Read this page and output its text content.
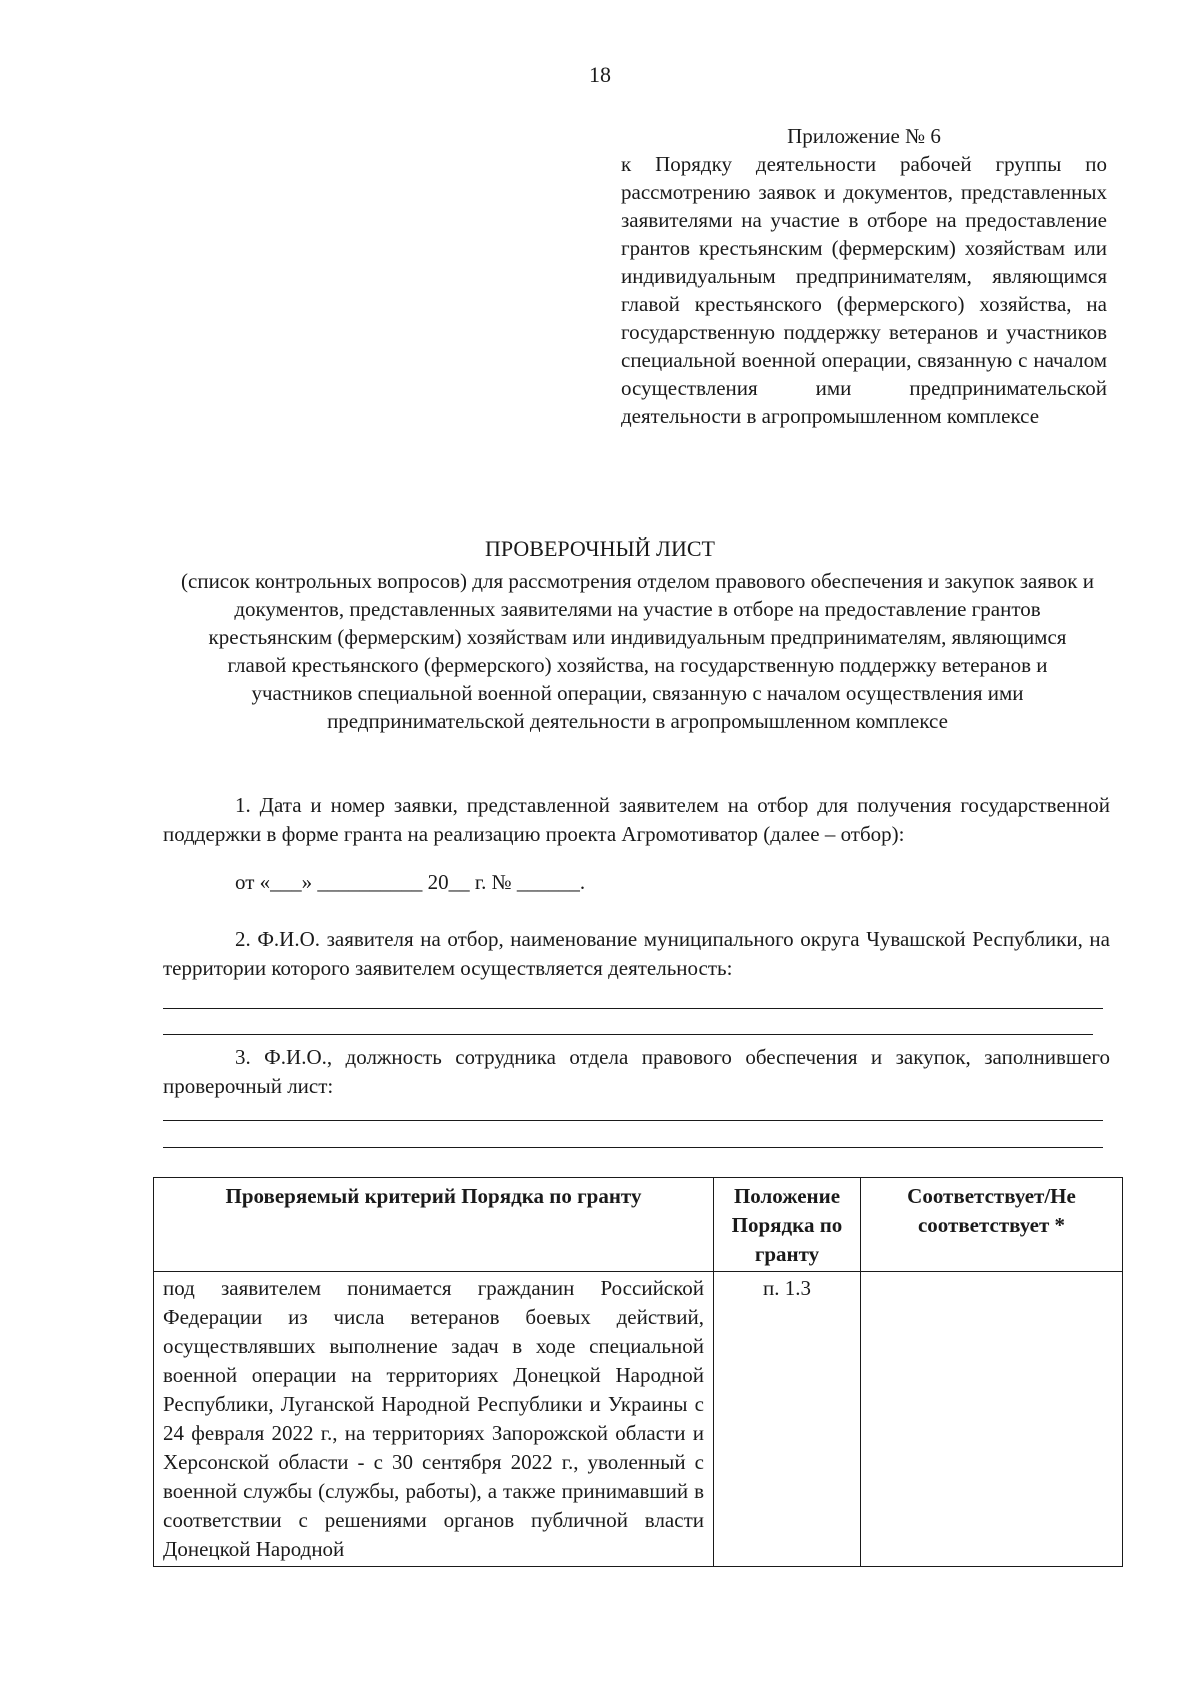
18
Приложение № 6
к Порядку деятельности рабочей группы по рассмотрению заявок и документов, представленных заявителями на участие в отборе на предоставление грантов крестьянским (фермерским) хозяйствам или индивидуальным предпринимателям, являющимся главой крестьянского (фермерского) хозяйства, на государственную поддержку ветеранов и участников специальной военной операции, связанную с началом осуществления ими предпринимательской деятельности в агропромышленном комплексе
ПРОВЕРОЧНЫЙ ЛИСТ
(список контрольных вопросов) для рассмотрения отделом правового обеспечения и закупок заявок и документов, представленных заявителями на участие в отборе на предоставление грантов крестьянским (фермерским) хозяйствам или индивидуальным предпринимателям, являющимся главой крестьянского (фермерского) хозяйства, на государственную поддержку ветеранов и участников специальной военной операции, связанную с началом осуществления ими предпринимательской деятельности в агропромышленном комплексе
1. Дата и номер заявки, представленной заявителем на отбор для получения государственной поддержки в форме гранта на реализацию проекта Агромотиватор (далее – отбор):
от «___» __________ 20__ г. № ______.
2. Ф.И.О. заявителя на отбор, наименование муниципального округа Чувашской Республики, на территории которого заявителем осуществляется деятельность:
3. Ф.И.О., должность сотрудника отдела правового обеспечения и закупок, заполнившего проверочный лист:
Проверяемый критерий Порядка по гранту	Положение Порядка по гранту	Соответствует/Не соответствует *
под заявителем понимается гражданин Российской Федерации из числа ветеранов боевых действий, осуществлявших выполнение задач в ходе специальной военной операции на территориях Донецкой Народной Республики, Луганской Народной Республики и Украины с 24 февраля 2022 г., на территориях Запорожской области и Херсонской области - с 30 сентября 2022 г., уволенный с военной службы (службы, работы), а также принимавший в соответствии с решениями органов публичной власти Донецкой Народной	п. 1.3	
